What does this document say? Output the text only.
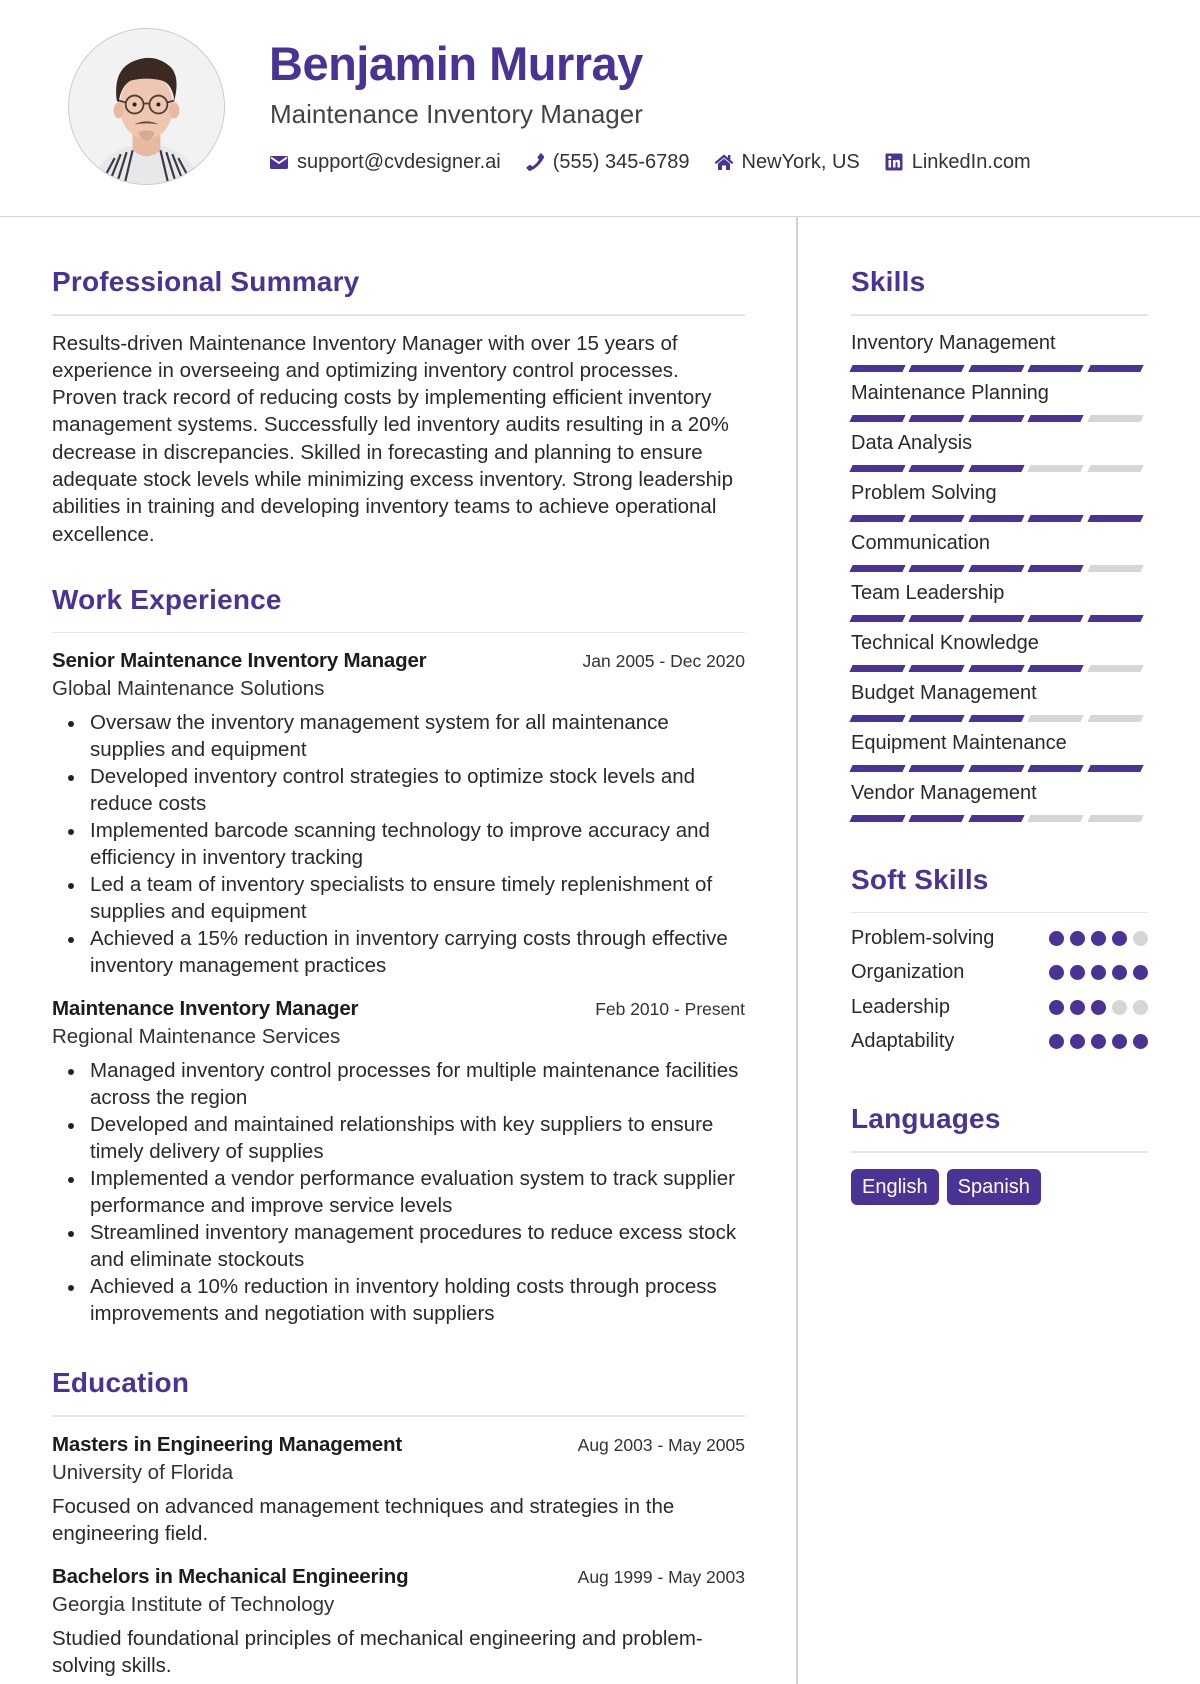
Benjamin Murray
Maintenance Inventory Manager
support@cvdesigner.ai	(555) 345-6789	NewYork, US	LinkedIn.com
Professional Summary

Results-driven Maintenance Inventory Manager with over 15 years of experience in overseeing and optimizing inventory control processes. Proven track record of reducing costs by implementing efficient inventory management systems. Successfully led inventory audits resulting in a 20% decrease in discrepancies. Skilled in forecasting and planning to ensure adequate stock levels while minimizing excess inventory. Strong leadership abilities in training and developing inventory teams to achieve operational excellence.

Work Experience
Senior Maintenance Inventory Manager	Jan 2005 - Dec 2020
Global Maintenance Solutions
Oversaw the inventory management system for all maintenance supplies and equipment
Developed inventory control strategies to optimize stock levels and reduce costs
Implemented barcode scanning technology to improve accuracy and efficiency in inventory tracking
Led a team of inventory specialists to ensure timely replenishment of supplies and equipment
Achieved a 15% reduction in inventory carrying costs through effective inventory management practices
Maintenance Inventory Manager	Feb 2010 - Present
Regional Maintenance Services
Managed inventory control processes for multiple maintenance facilities across the region
Developed and maintained relationships with key suppliers to ensure timely delivery of supplies
Implemented a vendor performance evaluation system to track supplier performance and improve service levels
Streamlined inventory management procedures to reduce excess stock and eliminate stockouts
Achieved a 10% reduction in inventory holding costs through process improvements and negotiation with suppliers
Education
Masters in Engineering Management	Aug 2003 - May 2005
University of Florida

Focused on advanced management techniques and strategies in the engineering field.

Bachelors in Mechanical Engineering	Aug 1999 - May 2003
Georgia Institute of Technology

Studied foundational principles of mechanical engineering and problem-solving skills.

Skills
Inventory Management
Maintenance Planning
Data Analysis
Problem Solving
Communication
Team Leadership
Technical Knowledge
Budget Management
Equipment Maintenance
Vendor Management
Soft Skills
Problem-solving
Organization
Leadership
Adaptability
Languages
English	Spanish
